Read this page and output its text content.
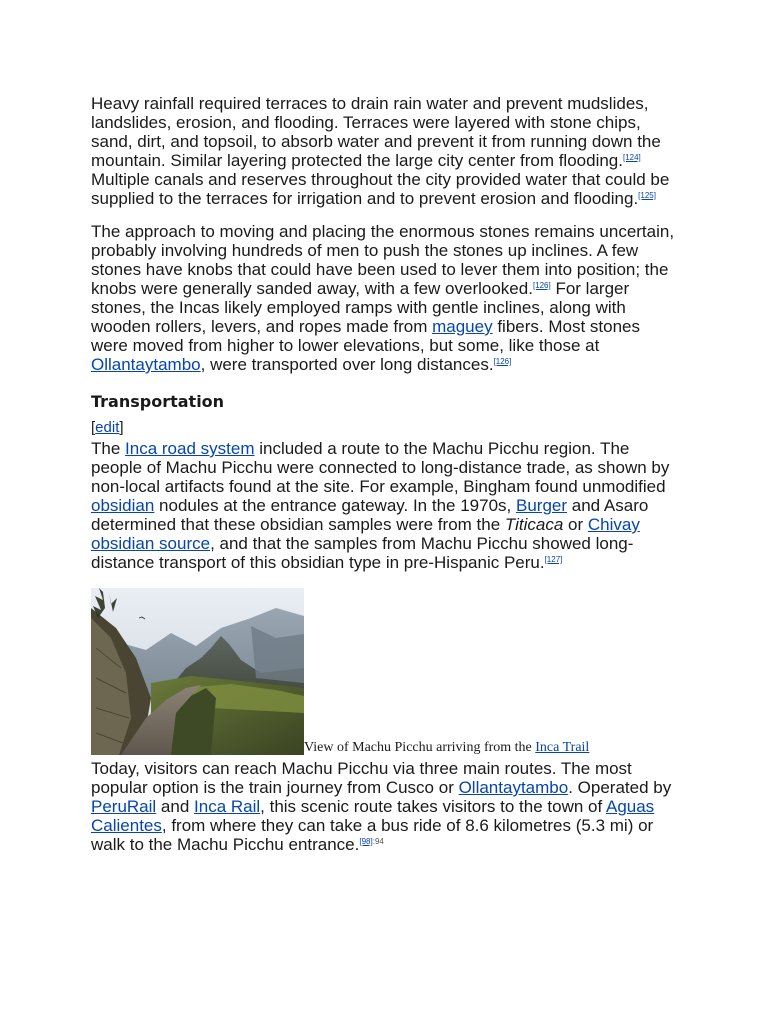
Heavy rainfall required terraces to drain rain water and prevent mudslides, landslides, erosion, and flooding. Terraces were layered with stone chips, sand, dirt, and topsoil, to absorb water and prevent it from running down the mountain. Similar layering protected the large city center from flooding.[124] Multiple canals and reserves throughout the city provided water that could be supplied to the terraces for irrigation and to prevent erosion and flooding.[125]

The approach to moving and placing the enormous stones remains uncertain, probably involving hundreds of men to push the stones up inclines. A few stones have knobs that could have been used to lever them into position; the knobs were generally sanded away, with a few overlooked.[126] For larger stones, the Incas likely employed ramps with gentle inclines, along with wooden rollers, levers, and ropes made from maguey fibers. Most stones were moved from higher to lower elevations, but some, like those at Ollantaytambo, were transported over long distances.[126]

Transportation
[edit]

The Inca road system included a route to the Machu Picchu region. The people of Machu Picchu were connected to long-distance trade, as shown by non-local artifacts found at the site. For example, Bingham found unmodified obsidian nodules at the entrance gateway. In the 1970s, Burger and Asaro determined that these obsidian samples were from the Titicaca or Chivay obsidian source, and that the samples from Machu Picchu showed long-distance transport of this obsidian type in pre-Hispanic Peru.[127]

View of Machu Picchu arriving from the Inca Trail

Today, visitors can reach Machu Picchu via three main routes. The most popular option is the train journey from Cusco or Ollantaytambo. Operated by PeruRail and Inca Rail, this scenic route takes visitors to the town of Aguas Calientes, from where they can take a bus ride of 8.6 kilometres (5.3 mi) or walk to the Machu Picchu entrance.$^{[98]:94}$
